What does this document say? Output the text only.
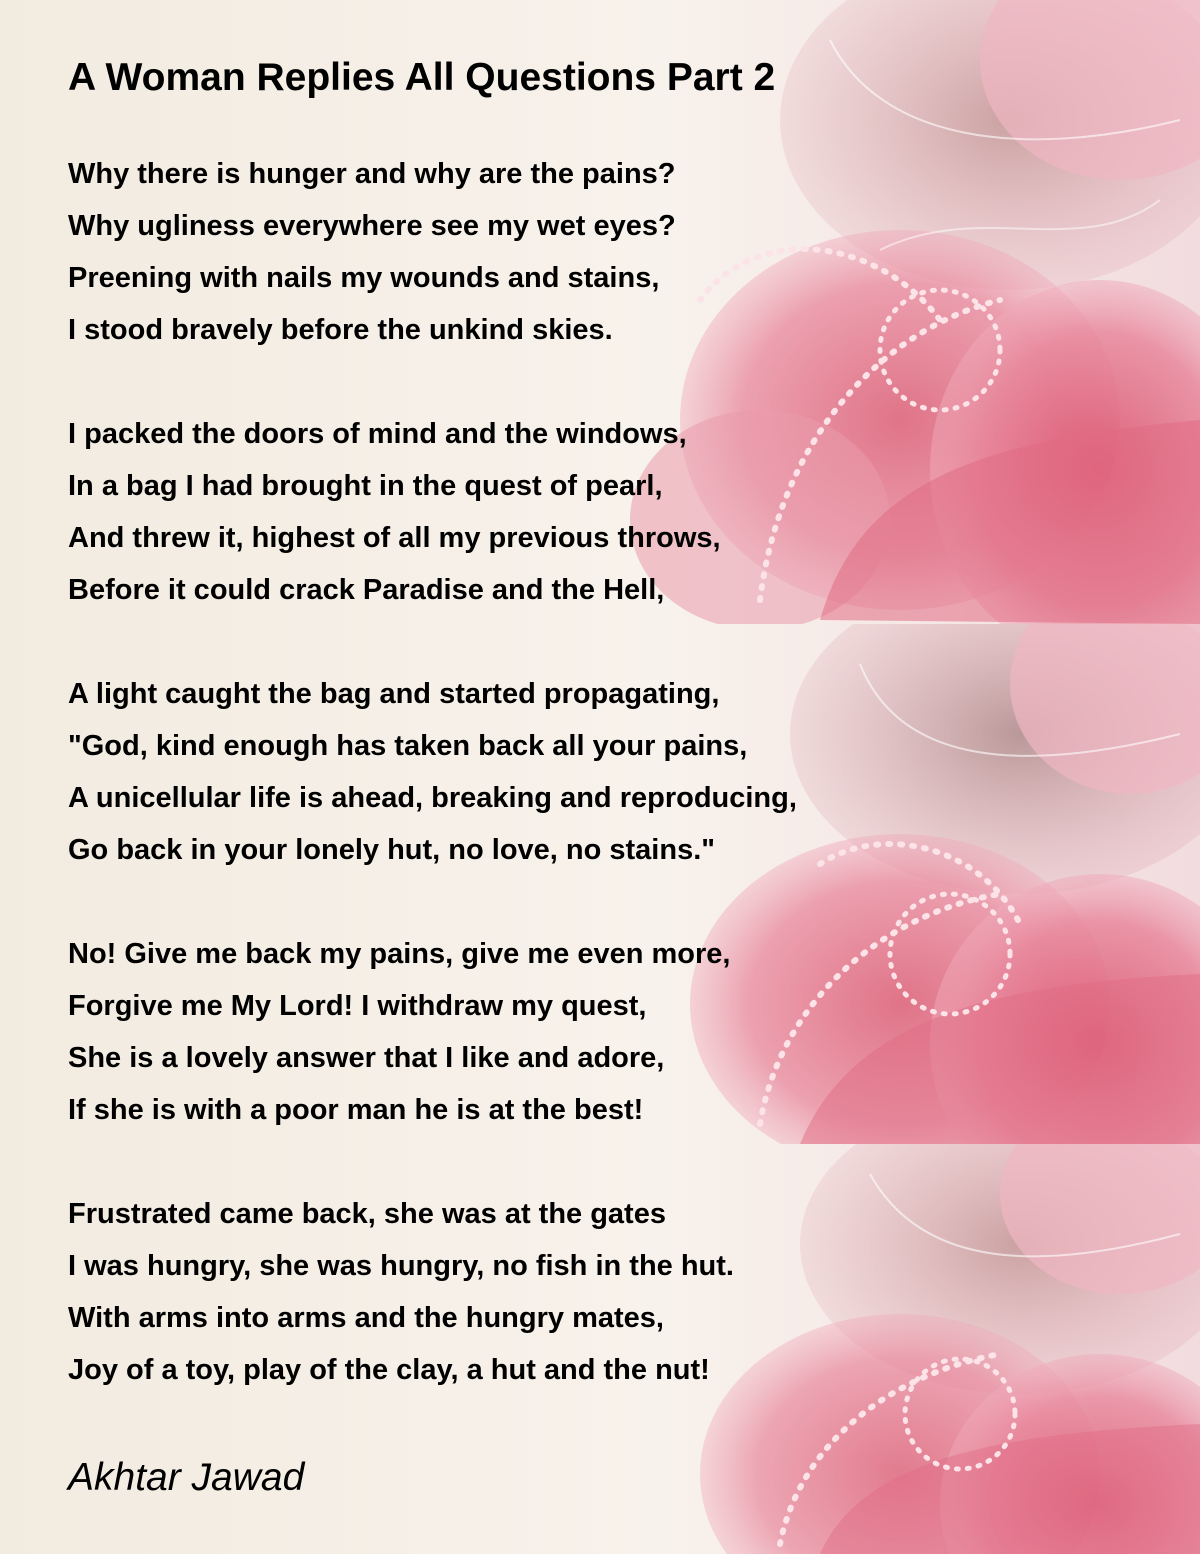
A Woman Replies All Questions Part 2
Why there is hunger and why are the pains?
Why ugliness everywhere see my wet eyes?
Preening with nails my wounds and stains,
I stood bravely before the unkind skies.
I packed the doors of mind and the windows,
In a bag I had brought in the quest of pearl,
And threw it, highest of all my previous throws,
Before it could crack Paradise and the Hell,
A light caught the bag and started propagating,
"God, kind enough has taken back all your pains,
A unicellular life is ahead, breaking and reproducing,
Go back in your lonely hut, no love, no stains."
No! Give me back my pains, give me even more,
Forgive me My Lord! I withdraw my quest,
She is a lovely answer that I like and adore,
If she is with a poor man he is at the best!
Frustrated came back, she was at the gates
I was hungry, she was hungry, no fish in the hut.
With arms into arms and the hungry mates,
Joy of a toy, play of the clay, a hut and the nut!

Akhtar Jawad
